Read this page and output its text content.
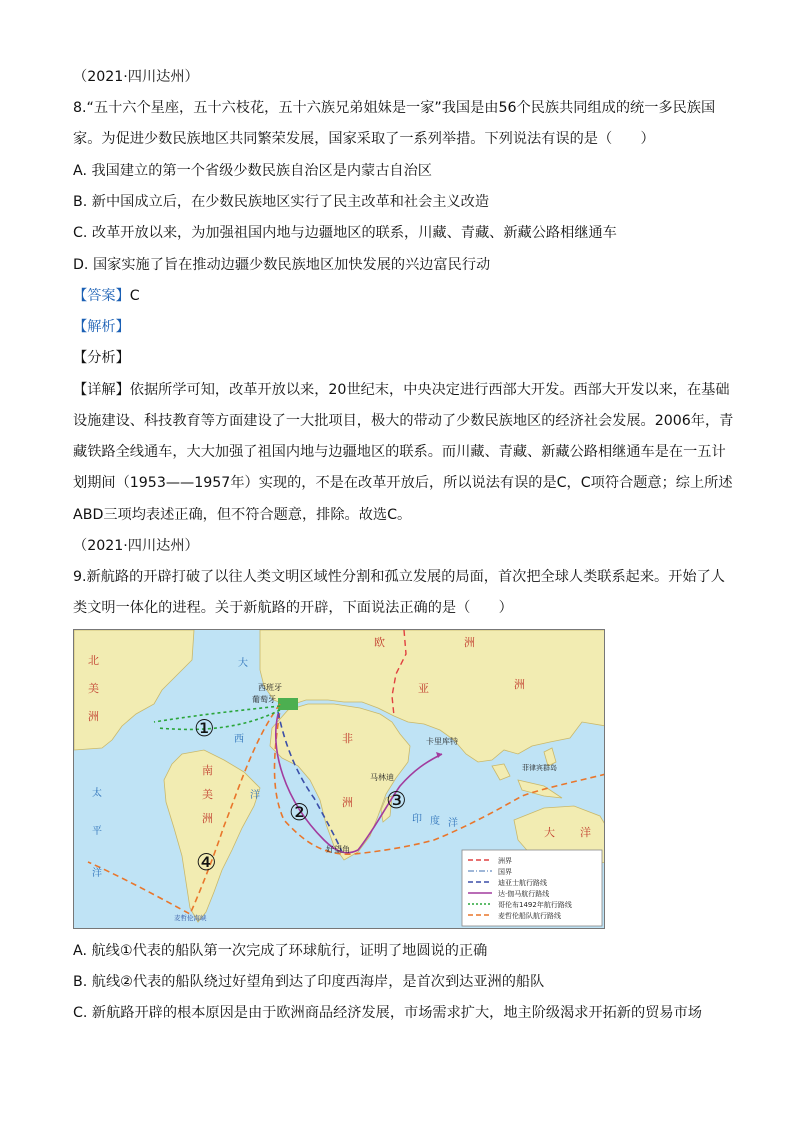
（2021·四川达州）
8.“五十六个星座，五十六枝花，五十六族兄弟姐妹是一家”我国是由56个民族共同组成的统一多民族国
家。为促进少数民族地区共同繁荣发展，国家采取了一系列举措。下列说法有误的是（　　）
A. 我国建立的第一个省级少数民族自治区是内蒙古自治区
B. 新中国成立后，在少数民族地区实行了民主改革和社会主义改造
C. 改革开放以来，为加强祖国内地与边疆地区的联系，川藏、青藏、新藏公路相继通车
D. 国家实施了旨在推动边疆少数民族地区加快发展的兴边富民行动
【答案】C
【解析】
【分析】
【详解】依据所学可知，改革开放以来，20世纪末，中央决定进行西部大开发。西部大开发以来，在基础
设施建设、科技教育等方面建设了一大批项目，极大的带动了少数民族地区的经济社会发展。2006年，青
藏铁路全线通车，大大加强了祖国内地与边疆地区的联系。而川藏、青藏、新藏公路相继通车是在一五计
划期间（1953——1957年）实现的，不是在改革开放后，所以说法有误的是C，C项符合题意；综上所述
ABD三项均表述正确，但不符合题意，排除。故选C。
（2021·四川达州）
9.新航路的开辟打破了以往人类文明区域性分割和孤立发展的局面，首次把全球人类联系起来。开始了人
类文明一体化的进程。关于新航路的开辟，下面说法正确的是（　　）
①
②	③
④
西班牙
葡萄牙
卡里库特
马林迪
好望角
菲律宾群岛
麦哲伦海峡
北
美
洲
南
美
洲
欧	洲
亚	洲
非
洲
大 洋
大
西
洋
太
平
洋
印 度 洋
洲界
国界
迪亚士航行路线
达·伽马航行路线
哥伦布1492年航行路线
麦哲伦船队航行路线
A. 航线①代表的船队第一次完成了环球航行，证明了地圆说的正确
B. 航线②代表的船队绕过好望角到达了印度西海岸，是首次到达亚洲的船队
C. 新航路开辟的根本原因是由于欧洲商品经济发展，市场需求扩大，地主阶级渴求开拓新的贸易市场
